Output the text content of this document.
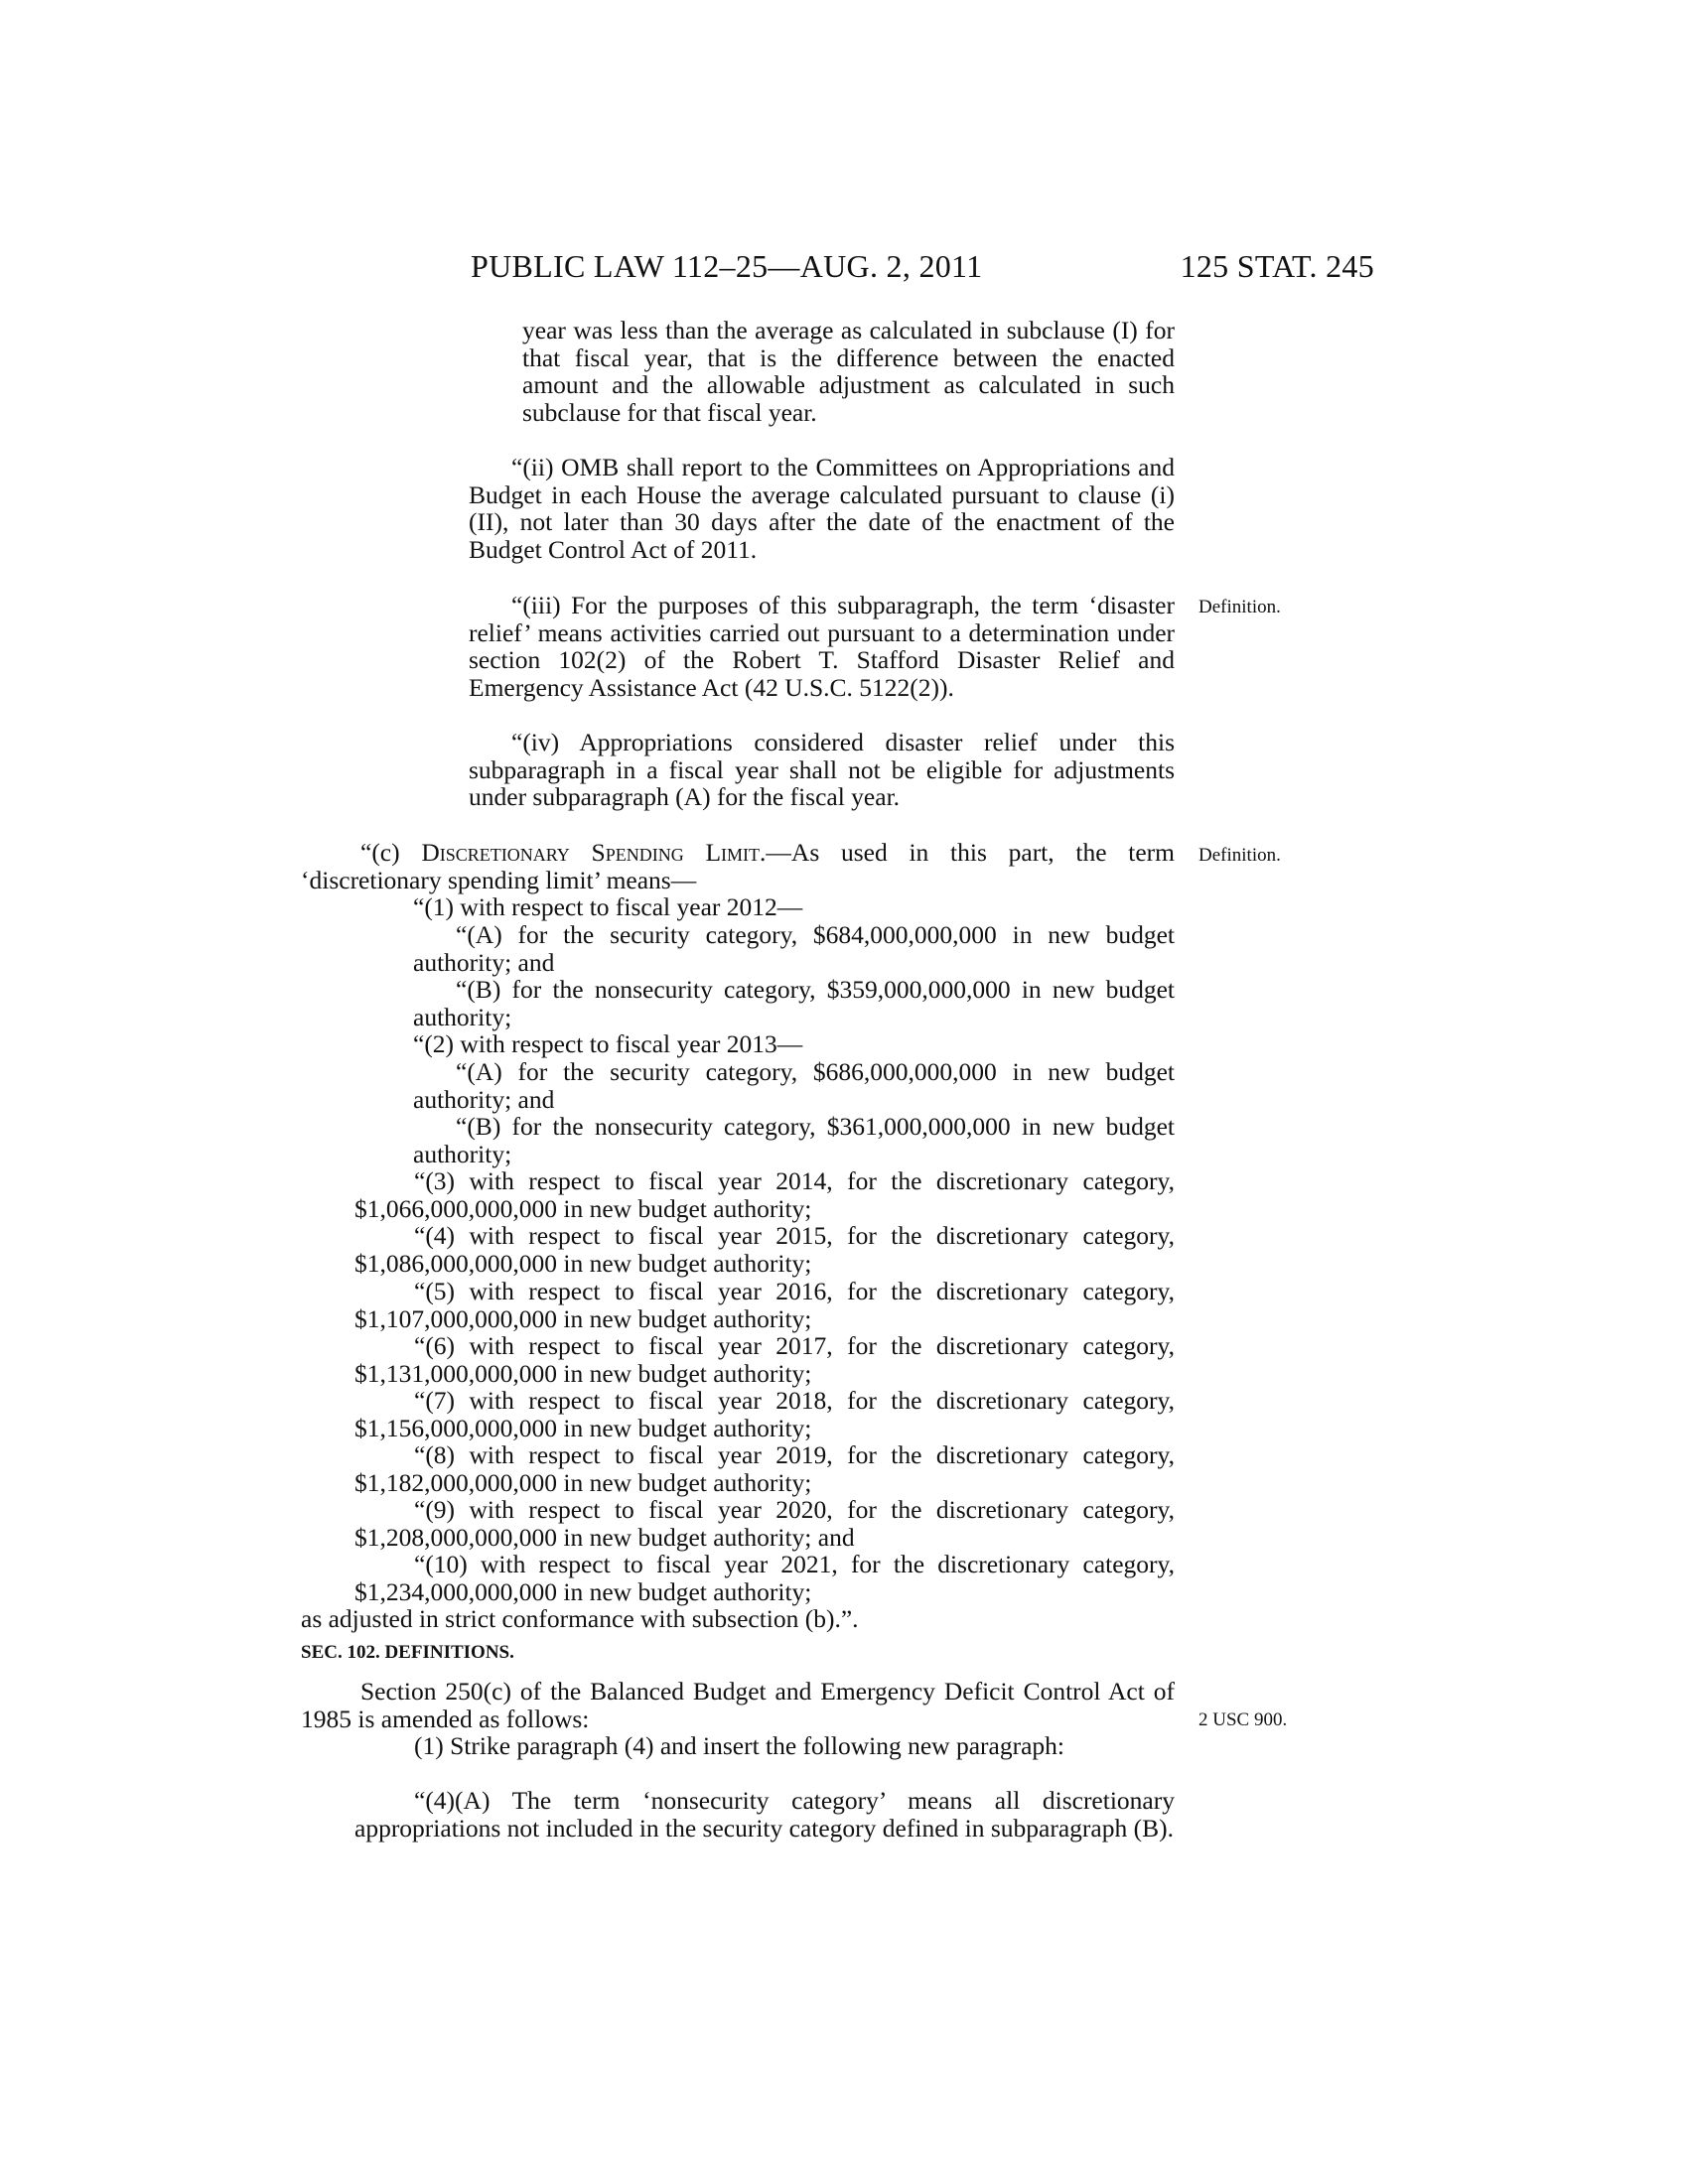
PUBLIC LAW 112–25—AUG. 2, 2011	125 STAT. 245

year was less than the average as calculated in subclause (I) for that fiscal year, that is the difference between the enacted amount and the allowable adjustment as calculated in such subclause for that fiscal year.

“(ii) OMB shall report to the Committees on Appropriations and Budget in each House the average calculated pursuant to clause (i)(II), not later than 30 days after the date of the enactment of the Budget Control Act of 2011.

“(iii) For the purposes of this subparagraph, the term ‘disaster relief’ means activities carried out pursuant to a determination under section 102(2) of the Robert T. Stafford Disaster Relief and Emergency Assistance Act (42 U.S.C. 5122(2)).

“(iv) Appropriations considered disaster relief under this subparagraph in a fiscal year shall not be eligible for adjustments under subparagraph (A) for the fiscal year.

“(c) Discretionary Spending Limit.—As used in this part, the term ‘discretionary spending limit’ means—

“(1) with respect to fiscal year 2012—

“(A) for the security category, $684,000,000,000 in new budget authority; and

“(B) for the nonsecurity category, $359,000,000,000 in new budget authority;

“(2) with respect to fiscal year 2013—

“(A) for the security category, $686,000,000,000 in new budget authority; and

“(B) for the nonsecurity category, $361,000,000,000 in new budget authority;

“(3) with respect to fiscal year 2014, for the discretionary category, $1,066,000,000,000 in new budget authority;

“(4) with respect to fiscal year 2015, for the discretionary category, $1,086,000,000,000 in new budget authority;

“(5) with respect to fiscal year 2016, for the discretionary category, $1,107,000,000,000 in new budget authority;

“(6) with respect to fiscal year 2017, for the discretionary category, $1,131,000,000,000 in new budget authority;

“(7) with respect to fiscal year 2018, for the discretionary category, $1,156,000,000,000 in new budget authority;

“(8) with respect to fiscal year 2019, for the discretionary category, $1,182,000,000,000 in new budget authority;

“(9) with respect to fiscal year 2020, for the discretionary category, $1,208,000,000,000 in new budget authority; and

“(10) with respect to fiscal year 2021, for the discretionary category, $1,234,000,000,000 in new budget authority;

as adjusted in strict conformance with subsection (b).”.

SEC. 102. DEFINITIONS.

Section 250(c) of the Balanced Budget and Emergency Deficit Control Act of 1985 is amended as follows:

(1) Strike paragraph (4) and insert the following new paragraph:

“(4)(A) The term ‘nonsecurity category’ means all discretionary appropriations not included in the security category defined in subparagraph (B).

Definition.
Definition.
2 USC 900.
